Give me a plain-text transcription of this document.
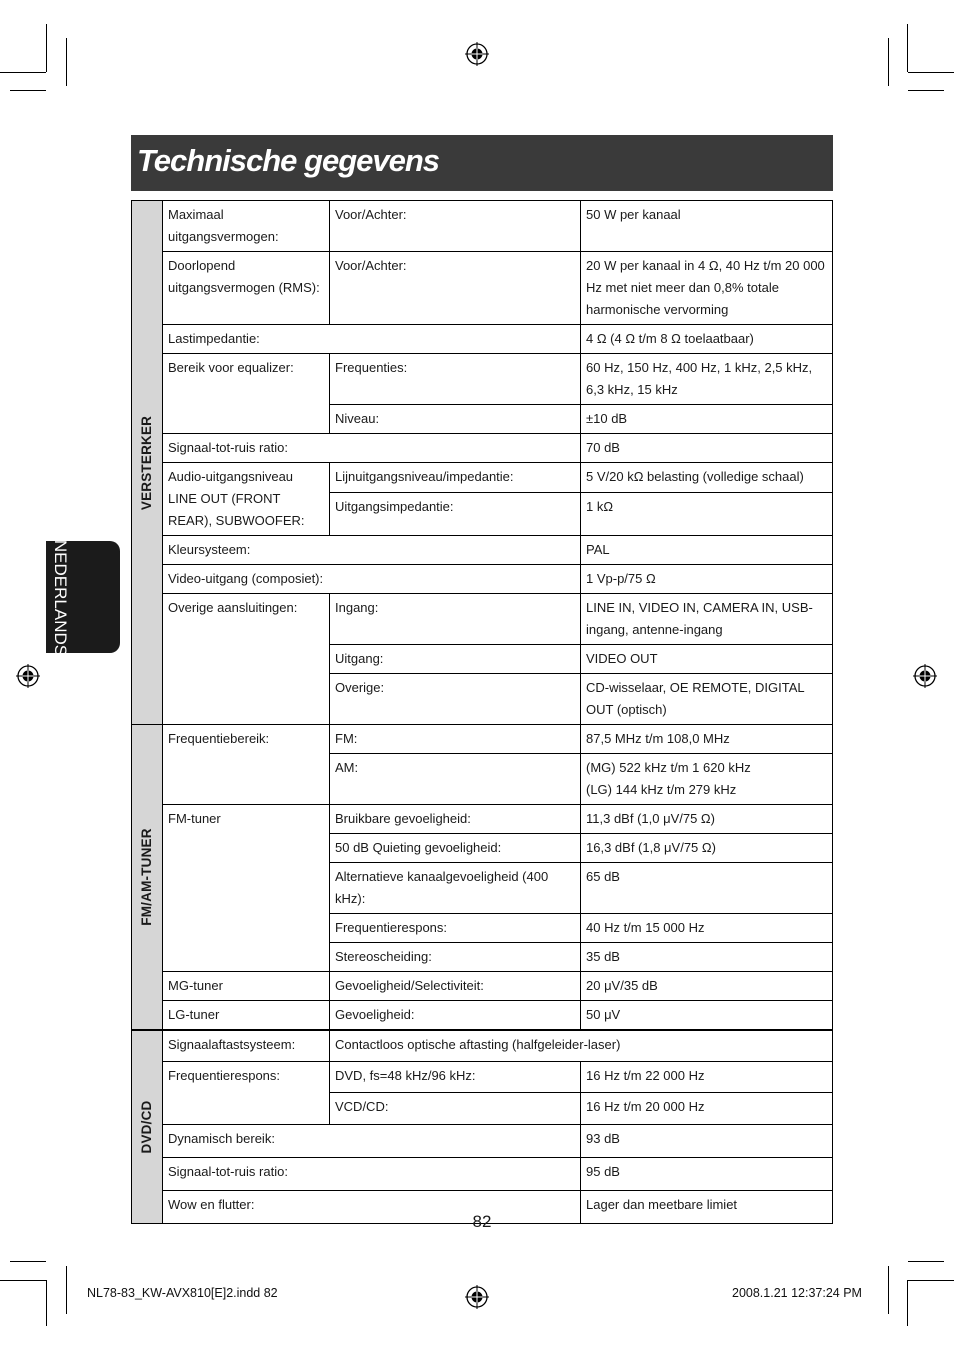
Technische gegevens
NEDERLANDS
VERSTERKER	Maximaal uitgangsvermogen:	Voor/Achter:	50 W per kanaal
	Doorlopend uitgangsvermogen (RMS):	Voor/Achter:	20 W per kanaal in 4 Ω, 40 Hz t/m 20 000 Hz met niet meer dan 0,8% totale harmonische vervorming
	Lastimpedantie:		4 Ω (4 Ω t/m 8 Ω toelaatbaar)
	Bereik voor equalizer:	Frequenties:	60 Hz, 150 Hz, 400 Hz, 1 kHz, 2,5 kHz, 6,3 kHz, 15 kHz
		Niveau:	±10 dB
	Signaal-tot-ruis ratio:		70 dB
	Audio-uitgangsniveau LINE OUT (FRONT REAR), SUBWOOFER:	Lijnuitgangsniveau/impedantie:	5 V/20 kΩ belasting (volledige schaal)
		Uitgangsimpedantie:	1 kΩ
	Kleursysteem:		PAL
	Video-uitgang (composiet):		1 Vp-p/75 Ω
	Overige aansluitingen:	Ingang:	LINE IN, VIDEO IN, CAMERA IN, USB-ingang, antenne-ingang
		Uitgang:	VIDEO OUT
		Overige:	CD-wisselaar, OE REMOTE, DIGITAL OUT (optisch)

FM/AM-TUNER	Frequentiebereik:	FM:	87,5 MHz t/m 108,0 MHz
		AM:	(MG) 522 kHz t/m 1 620 kHz
(LG) 144 kHz t/m 279 kHz

	FM-tuner	Bruikbare gevoeligheid:	11,3 dBf (1,0 μV/75 Ω)
		50 dB Quieting gevoeligheid:	16,3 dBf (1,8 μV/75 Ω)
		Alternatieve kanaalgevoeligheid (400 kHz):	65 dB
		Frequentierespons:	40 Hz t/m 15 000 Hz
		Stereoscheiding:	35 dB
	MG-tuner	Gevoeligheid/Selectiviteit:	20 μV/35 dB
	LG-tuner	Gevoeligheid:	50 μV

DVD/CD	Signaalaftastsysteem:	Contactloos optische aftasting (halfgeleider-laser)	
	Frequentierespons:	DVD, fs=48 kHz/96 kHz:	16 Hz t/m 22 000 Hz
		VCD/CD:	16 Hz t/m 20 000 Hz
	Dynamisch bereik:		93 dB
	Signaal-tot-ruis ratio:		95 dB
	Wow en flutter:		Lager dan meetbare limiet
82
NL78-83_KW-AVX810[E]2.indd 82	2008.1.21 12:37:24 PM
